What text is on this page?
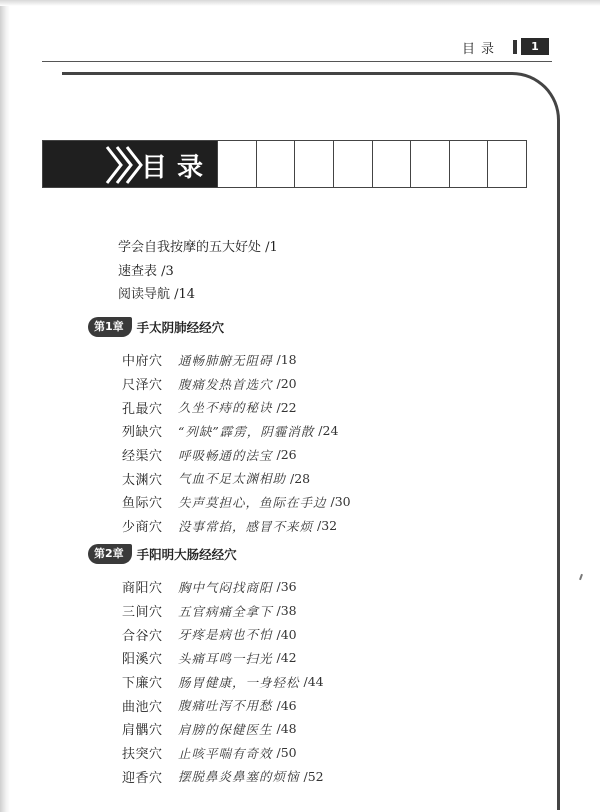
目录	1
目录
学会自我按摩的五大好处 /1
速查表 /3
阅读导航 /14
第1章	手太阴肺经经穴
中府穴	通畅肺腑无阻碍 /18
尺泽穴	腹痛发热首选穴 /20
孔最穴	久坐不痔的秘诀 /22
列缺穴	“列缺”霹雳，阴霾消散 /24
经渠穴	呼吸畅通的法宝 /26
太渊穴	气血不足太渊相助 /28
鱼际穴	失声莫担心，鱼际在手边 /30
少商穴	没事常掐，感冒不来烦 /32
第2章	手阳明大肠经经穴
商阳穴	胸中气闷找商阳 /36
三间穴	五官病痛全拿下 /38
合谷穴	牙疼是病也不怕 /40
阳溪穴	头痛耳鸣一扫光 /42
下廉穴	肠胃健康，一身轻松 /44
曲池穴	腹痛吐泻不用愁 /46
肩髃穴	肩膀的保健医生 /48
扶突穴	止咳平喘有奇效 /50
迎香穴	摆脱鼻炎鼻塞的烦恼 /52
